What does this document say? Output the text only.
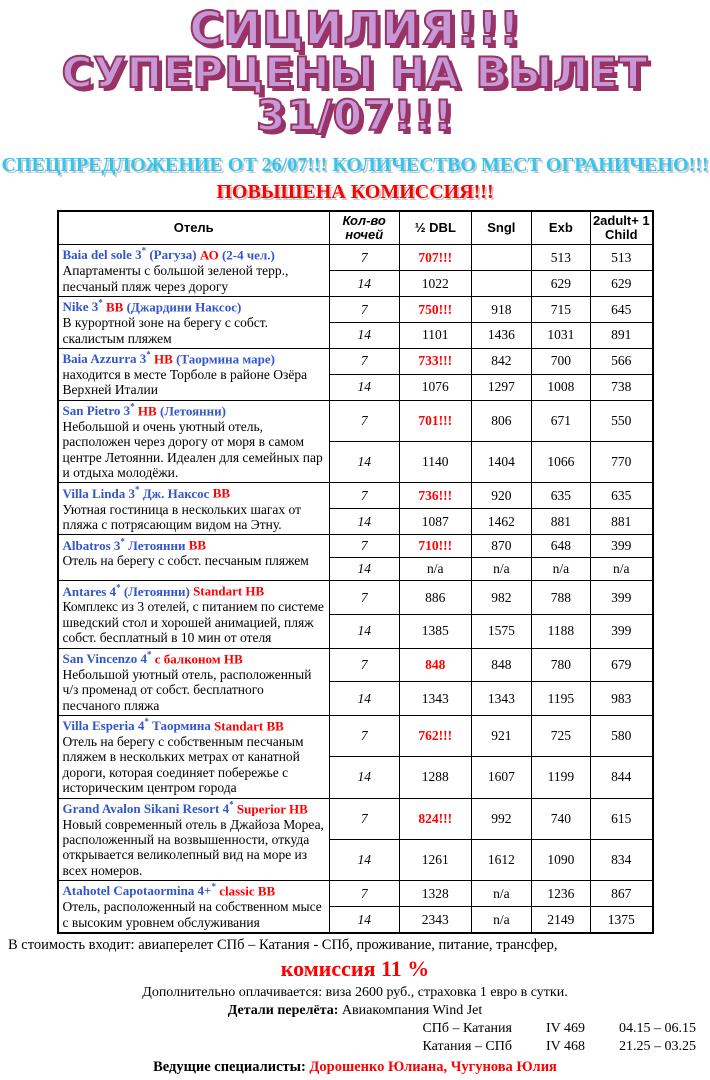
СИЦИЛИЯ!!!
СУПЕРЦЕНЫ НА ВЫЛЕТ 31/07!!!
СПЕЦПРЕДЛОЖЕНИЕ ОТ 26/07!!! КОЛИЧЕСТВО МЕСТ ОГРАНИЧЕНО!!! ПОВЫШЕНА КОМИССИЯ!!!
Отель	Кол-во ночей	½ DBL	Sngl	Exb	2adult+ 1 Child

Baia del sole 3* (Рагуза) АО (2-4 чел.)
Апартаменты с большой зеленой терр., песчаный пляж через дорогу	7	707!!!		513	513
	14	1022		629	629

Nike 3* BB (Джардини Наксос)
В курортной зоне на берегу с собст. скалистым пляжем	7	750!!!	918	715	645
	14	1101	1436	1031	891

Baia Azzurra 3* HB (Таормина маре)
находится в месте Торболе в районе Озёра Верхней Италии	7	733!!!	842	700	566
	14	1076	1297	1008	738

San Pietro 3* HB (Летоянни)
Небольшой и очень уютный отель, расположен через дорогу от моря в самом центре Летоянни. Идеален для семейных пар и отдыха молодёжи.	7	701!!!	806	671	550
	14	1140	1404	1066	770

Villa Linda 3* Дж. Наксос BB
Уютная гостиница в нескольких шагах от пляжа с потрясающим видом на Этну.	7	736!!!	920	635	635
	14	1087	1462	881	881

Albatros 3* Летоянни BB
Отель на берегу с собст. песчаным пляжем	7	710!!!	870	648	399
	14	n/a	n/a	n/a	n/a

Antares 4* (Летоянни) Standart HB
Комплекс из 3 отелей, с питанием по системе шведский стол и хорошей анимацией, пляж собст. бесплатный в 10 мин от отеля	7	886	982	788	399
	14	1385	1575	1188	399

San Vincenzo 4* с балконом HB
Небольшой уютный отель, расположенный ч/з променад от собст. бесплатного песчаного пляжа	7	848	848	780	679
	14	1343	1343	1195	983

Villa Esperia 4* Таормина Standart BB
Отель на берегу с собственным песчаным пляжем в нескольких метрах от канатной дороги, которая соединяет побережье с историческим центром города	7	762!!!	921	725	580
	14	1288	1607	1199	844

Grand Avalon Sikani Resort 4* Superior HB
Новый современный отель в Джайоза Мореа, расположенный на возвышенности, откуда открывается великолепный вид на море из всех номеров.	7	824!!!	992	740	615
	14	1261	1612	1090	834

Atahotel Capotaormina 4+* classic BB
Отель, расположенный на собственном мысе с высоким уровнем обслуживания	7	1328	n/a	1236	867
	14	2343	n/a	2149	1375
В стоимость входит: авиаперелет СПб – Катания - СПб, проживание, питание, трансфер,
комиссия 11 %
Дополнительно оплачивается: виза 2600 руб., страховка 1 евро в сутки.
Детали перелёта: Авиакомпания Wind Jet
СПб – Катания IV 469 04.15 – 06.15
Катания – СПб IV 468 21.25 – 03.25
Ведущие специалисты: Дорошенко Юлиана, Чугунова Юлия
